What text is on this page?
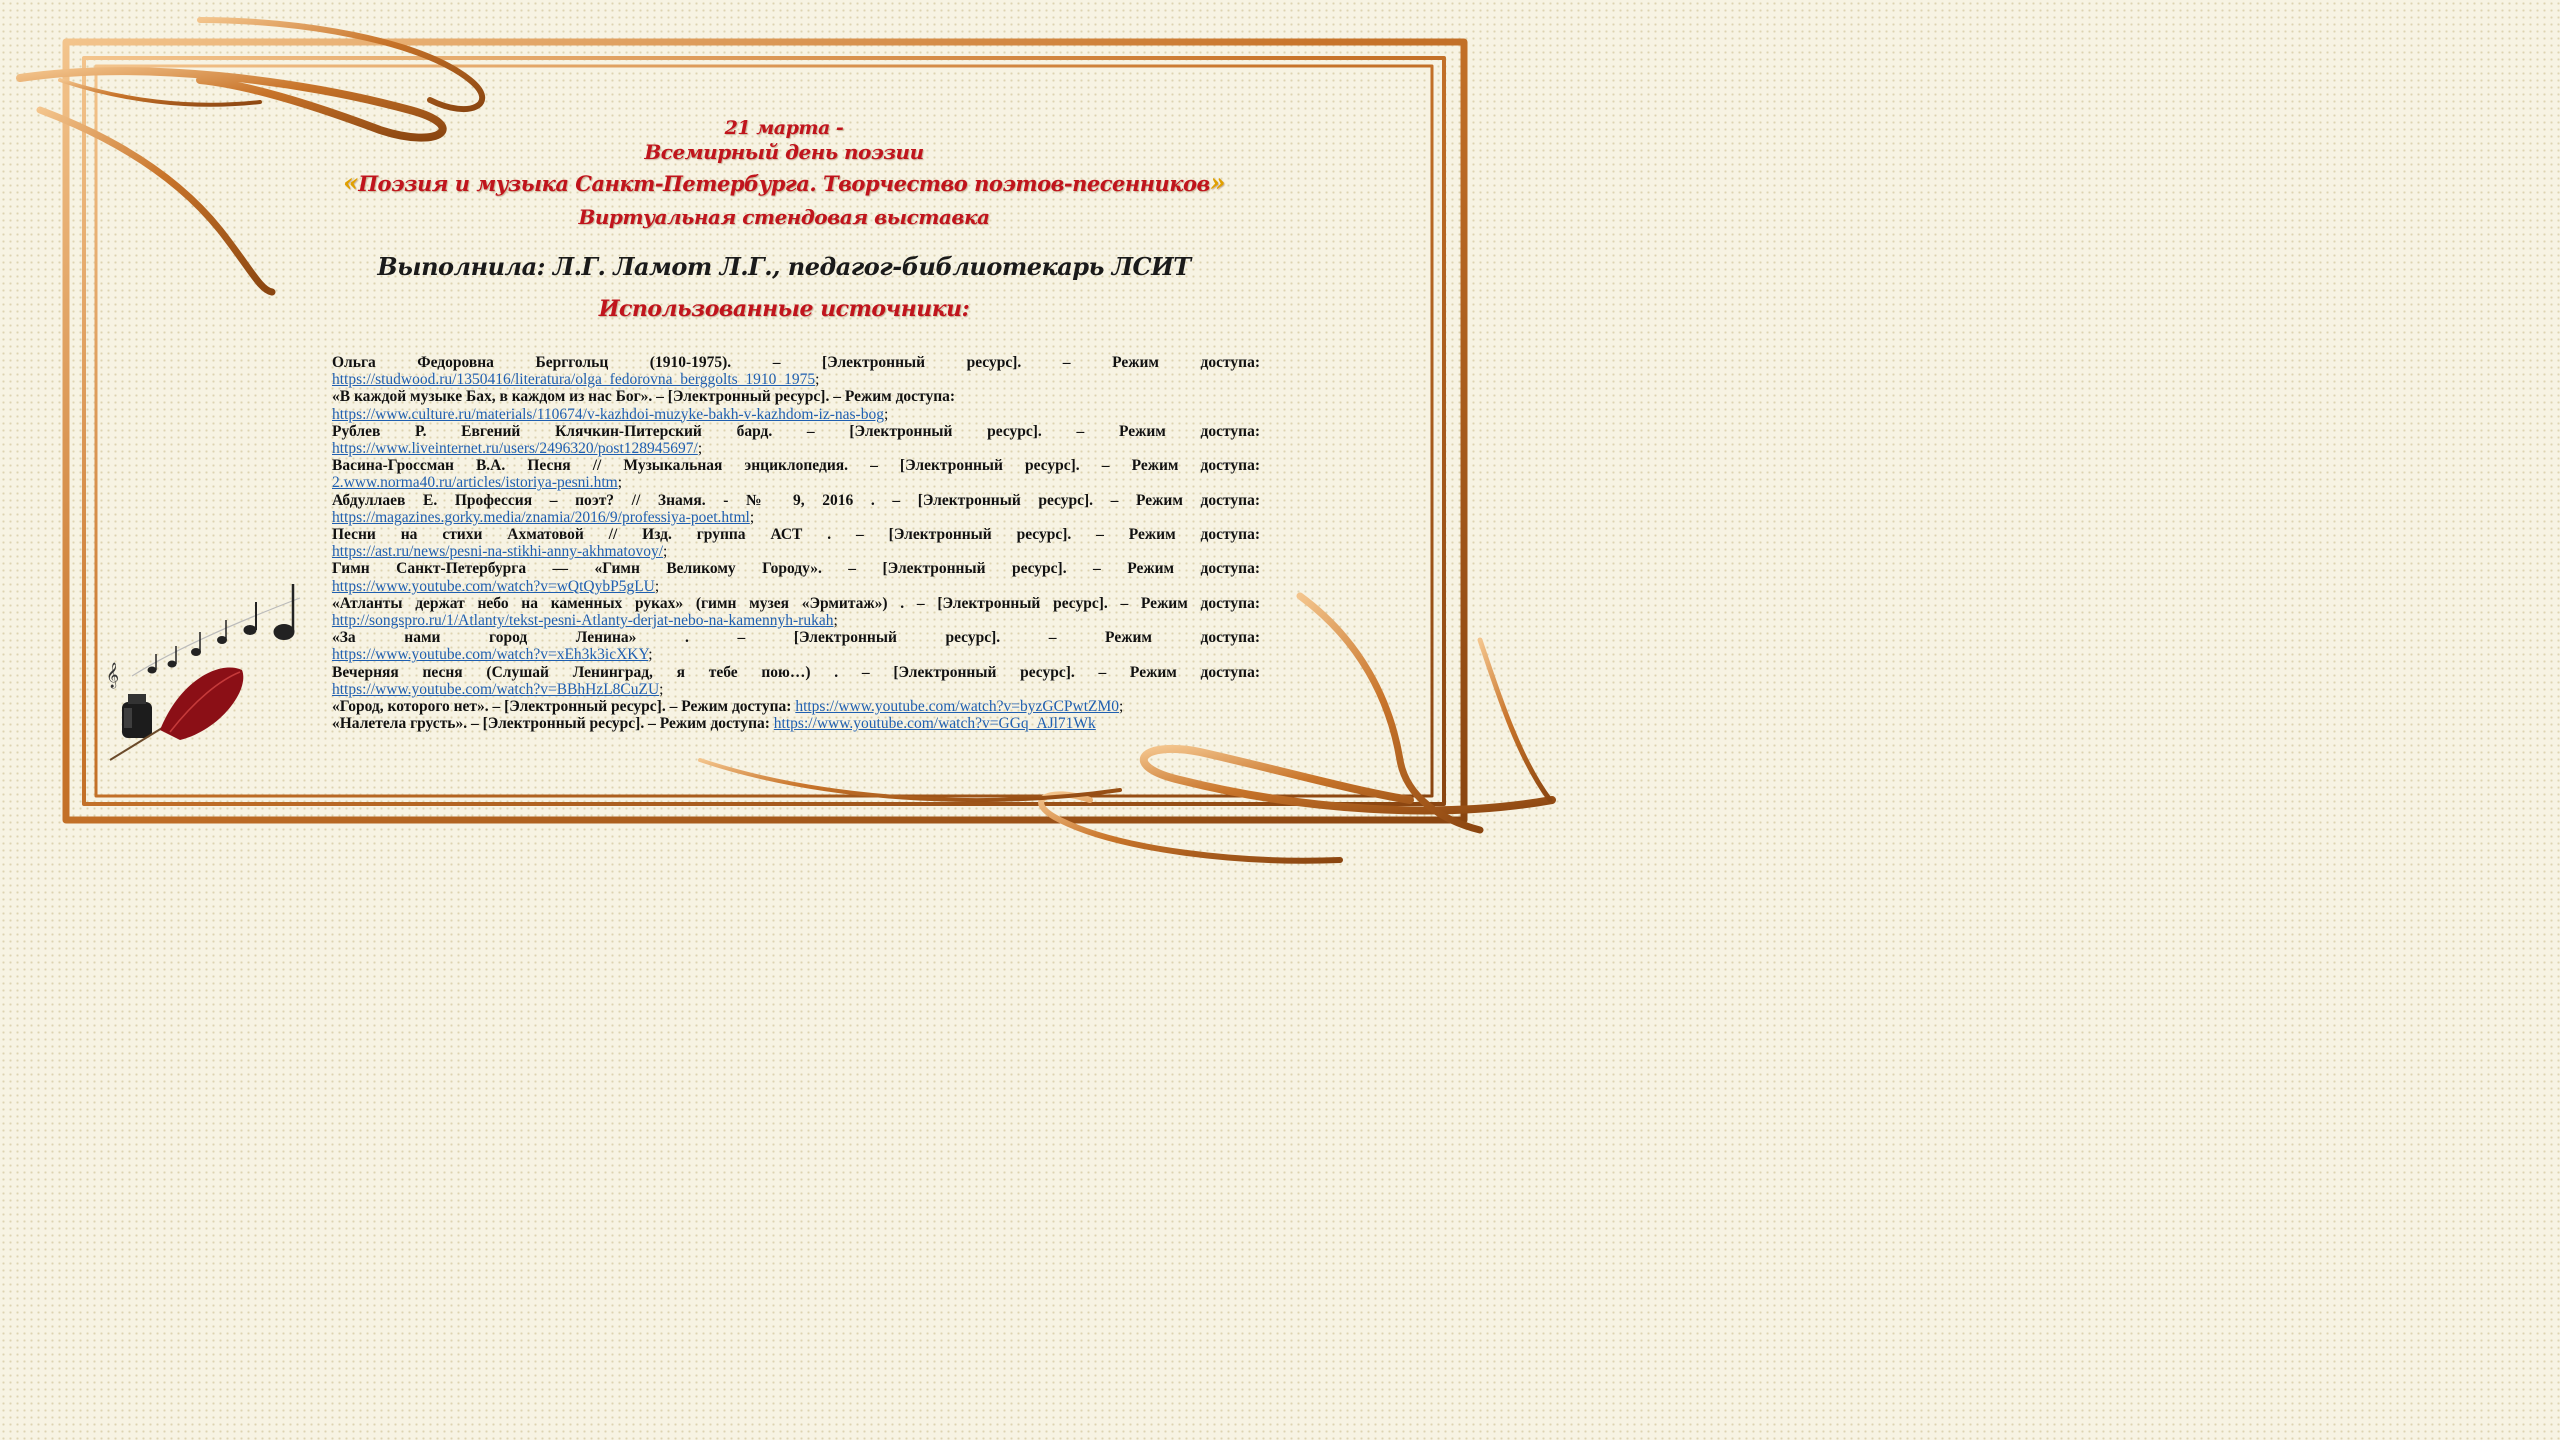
21 марта -
Всемирный день поэзии
«Поэзия и музыка Санкт-Петербурга. Творчество поэтов-песенников»
Виртуальная стендовая выставка
Выполнила: Л.Г. Ламот Л.Г., педагог-библиотекарь ЛСИТ
Использованные источники:
Ольга Федоровна Берггольц (1910-1975). – [Электронный ресурс]. – Режим доступа:
https://studwood.ru/1350416/literatura/olga_fedorovna_berggolts_1910_1975;
«В каждой музыке Бах, в каждом из нас Бог». – [Электронный ресурс]. – Режим доступа:
https://www.culture.ru/materials/110674/v-kazhdoi-muzyke-bakh-v-kazhdom-iz-nas-bog;
Рублев Р. Евгений Клячкин-Питерский бард. – [Электронный ресурс]. – Режим доступа:
https://www.liveinternet.ru/users/2496320/post128945697/;
Васина-Гроссман В.А. Песня // Музыкальная энциклопедия. – [Электронный ресурс]. – Режим доступа:
2.www.norma40.ru/articles/istoriya-pesni.htm;
Абдуллаев Е. Профессия – поэт? // Знамя. - № 9, 2016 . – [Электронный ресурс]. – Режим доступа:
https://magazines.gorky.media/znamia/2016/9/professiya-poet.html;
Песни на стихи Ахматовой // Изд. группа АСТ . – [Электронный ресурс]. – Режим доступа:
https://ast.ru/news/pesni-na-stikhi-anny-akhmatovoy/;
Гимн Санкт-Петербурга — «Гимн Великому Городу». – [Электронный ресурс]. – Режим доступа:
https://www.youtube.com/watch?v=wQtQybP5gLU;
«Атланты держат небо на каменных руках» (гимн музея «Эрмитаж») . – [Электронный ресурс]. – Режим доступа:
http://songspro.ru/1/Atlanty/tekst-pesni-Atlanty-derjat-nebo-na-kamennyh-rukah;
«За нами город Ленина» . – [Электронный ресурс]. – Режим доступа:
https://www.youtube.com/watch?v=xEh3k3icXKY;
Вечерняя песня (Слушай Ленинград, я тебе пою…) . – [Электронный ресурс]. – Режим доступа:
https://www.youtube.com/watch?v=BBhHzL8CuZU;
«Город, которого нет». – [Электронный ресурс]. – Режим доступа: https://www.youtube.com/watch?v=byzGCPwtZM0;
«Налетела грусть». – [Электронный ресурс]. – Режим доступа: https://www.youtube.com/watch?v=GGq_AJl71Wk
𝄞
